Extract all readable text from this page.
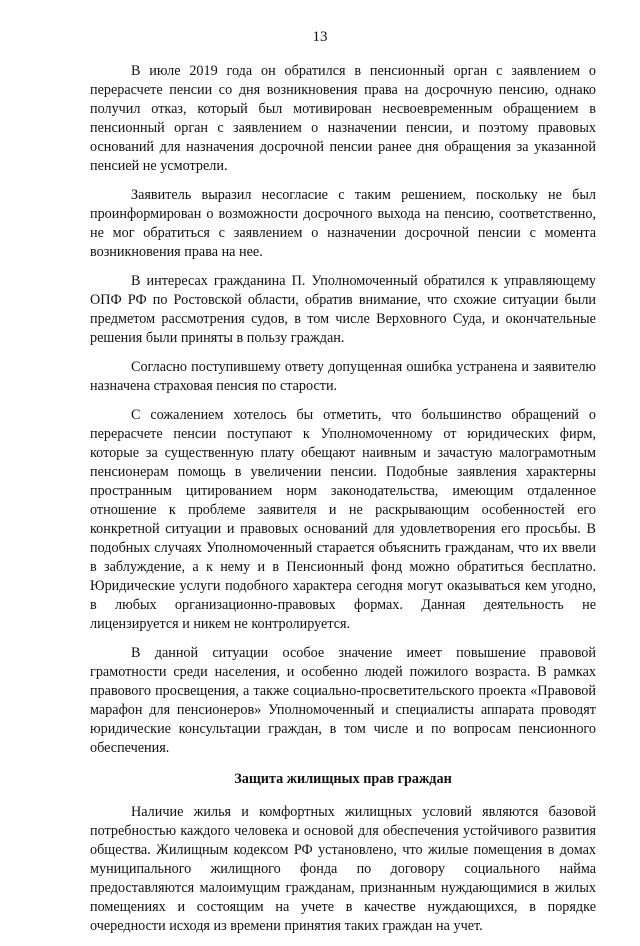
13

В июле 2019 года он обратился в пенсионный орган с заявлением о перерасчете пенсии со дня возникновения права на досрочную пенсию, однако получил отказ, который был мотивирован несвоевременным обращением в пенсионный орган с заявлением о назначении пенсии, и поэтому правовых оснований для назначения досрочной пенсии ранее дня обращения за указанной пенсией не усмотрели.

Заявитель выразил несогласие с таким решением, поскольку не был проинформирован о возможности досрочного выхода на пенсию, соответственно, не мог обратиться с заявлением о назначении досрочной пенсии с момента возникновения права на нее.

В интересах гражданина П. Уполномоченный обратился к управляющему ОПФ РФ по Ростовской области, обратив внимание, что схожие ситуации были предметом рассмотрения судов, в том числе Верховного Суда, и окончательные решения были приняты в пользу граждан.

Согласно поступившему ответу допущенная ошибка устранена и заявителю назначена страховая пенсия по старости.

С сожалением хотелось бы отметить, что большинство обращений о перерасчете пенсии поступают к Уполномоченному от юридических фирм, которые за существенную плату обещают наивным и зачастую малограмотным пенсионерам помощь в увеличении пенсии. Подобные заявления характерны пространным цитированием норм законодательства, имеющим отдаленное отношение к проблеме заявителя и не раскрывающим особенностей его конкретной ситуации и правовых оснований для удовлетворения его просьбы. В подобных случаях Уполномоченный старается объяснить гражданам, что их ввели в заблуждение, а к нему и в Пенсионный фонд можно обратиться бесплатно. Юридические услуги подобного характера сегодня могут оказываться кем угодно, в любых организационно-правовых формах. Данная деятельность не лицензируется и никем не контролируется.

В данной ситуации особое значение имеет повышение правовой грамотности среди населения, и особенно людей пожилого возраста. В рамках правового просвещения, а также социально-просветительского проекта «Правовой марафон для пенсионеров» Уполномоченный и специалисты аппарата проводят юридические консультации граждан, в том числе и по вопросам пенсионного обеспечения.

Защита жилищных прав граждан

Наличие жилья и комфортных жилищных условий являются базовой потребностью каждого человека и основой для обеспечения устойчивого развития общества. Жилищным кодексом РФ установлено, что жилые помещения в домах муниципального жилищного фонда по договору социального найма предоставляются малоимущим гражданам, признанным нуждающимися в жилых помещениях и состоящим на учете в качестве нуждающихся, в порядке очередности исходя из времени принятия таких граждан на учет.
